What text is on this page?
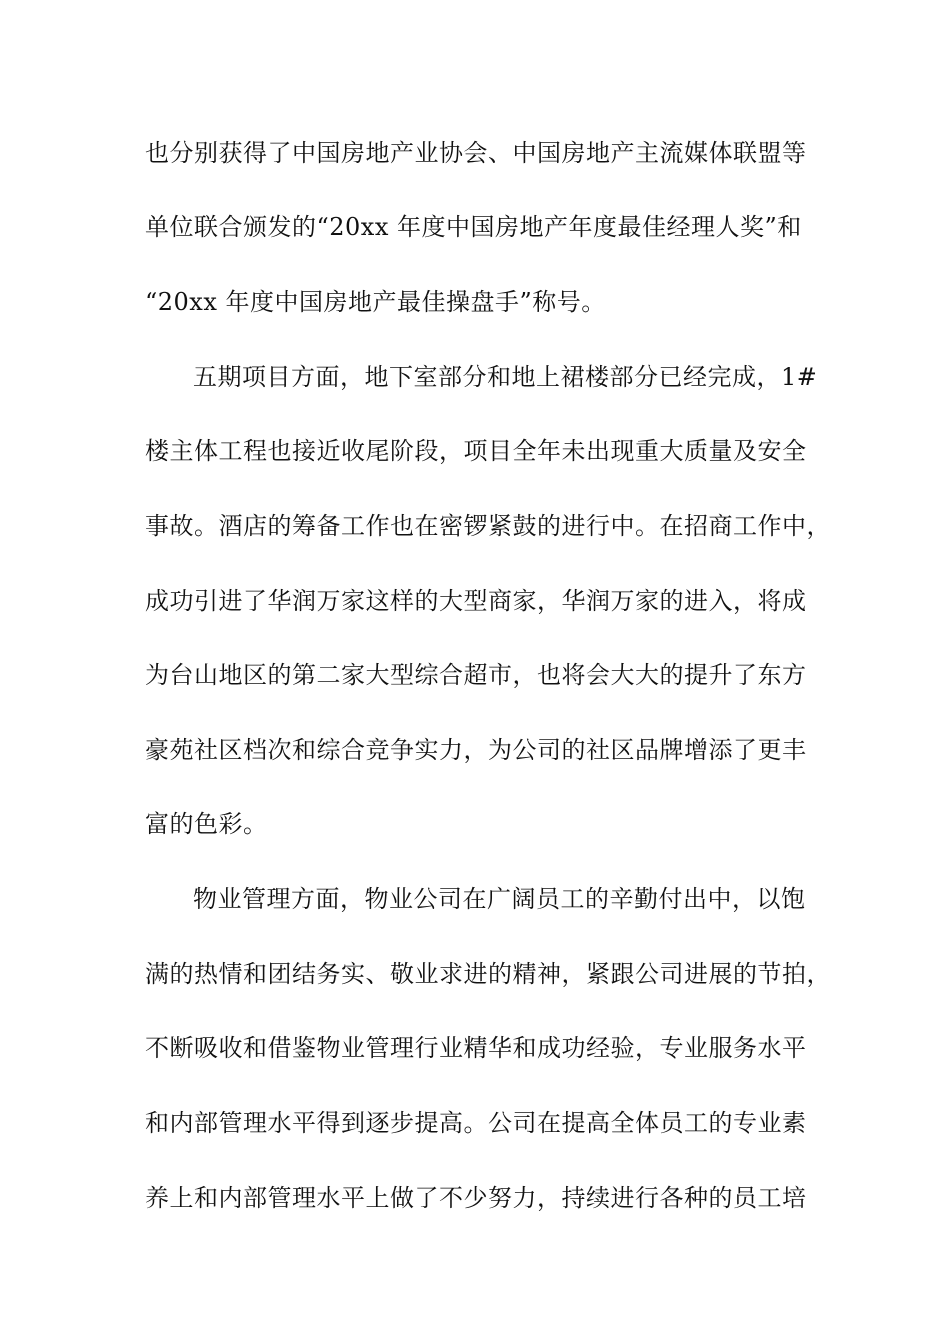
也分别获得了中国房地产业协会、中国房地产主流媒体联盟等
单位联合颁发的“20xx 年度中国房地产年度最佳经理人奖”和
“20xx 年度中国房地产最佳操盘手”称号。
五期项目方面，地下室部分和地上裙楼部分已经完成，1#
楼主体工程也接近收尾阶段，项目全年未出现重大质量及安全
事故。酒店的筹备工作也在密锣紧鼓的进行中。在招商工作中，
成功引进了华润万家这样的大型商家，华润万家的进入，将成
为台山地区的第二家大型综合超市，也将会大大的提升了东方
豪苑社区档次和综合竞争实力，为公司的社区品牌增添了更丰
富的色彩。
物业管理方面，物业公司在广阔员工的辛勤付出中，以饱
满的热情和团结务实、敬业求进的精神，紧跟公司进展的节拍，
不断吸收和借鉴物业管理行业精华和成功经验，专业服务水平
和内部管理水平得到逐步提高。公司在提高全体员工的专业素
养上和内部管理水平上做了不少努力，持续进行各种的员工培
